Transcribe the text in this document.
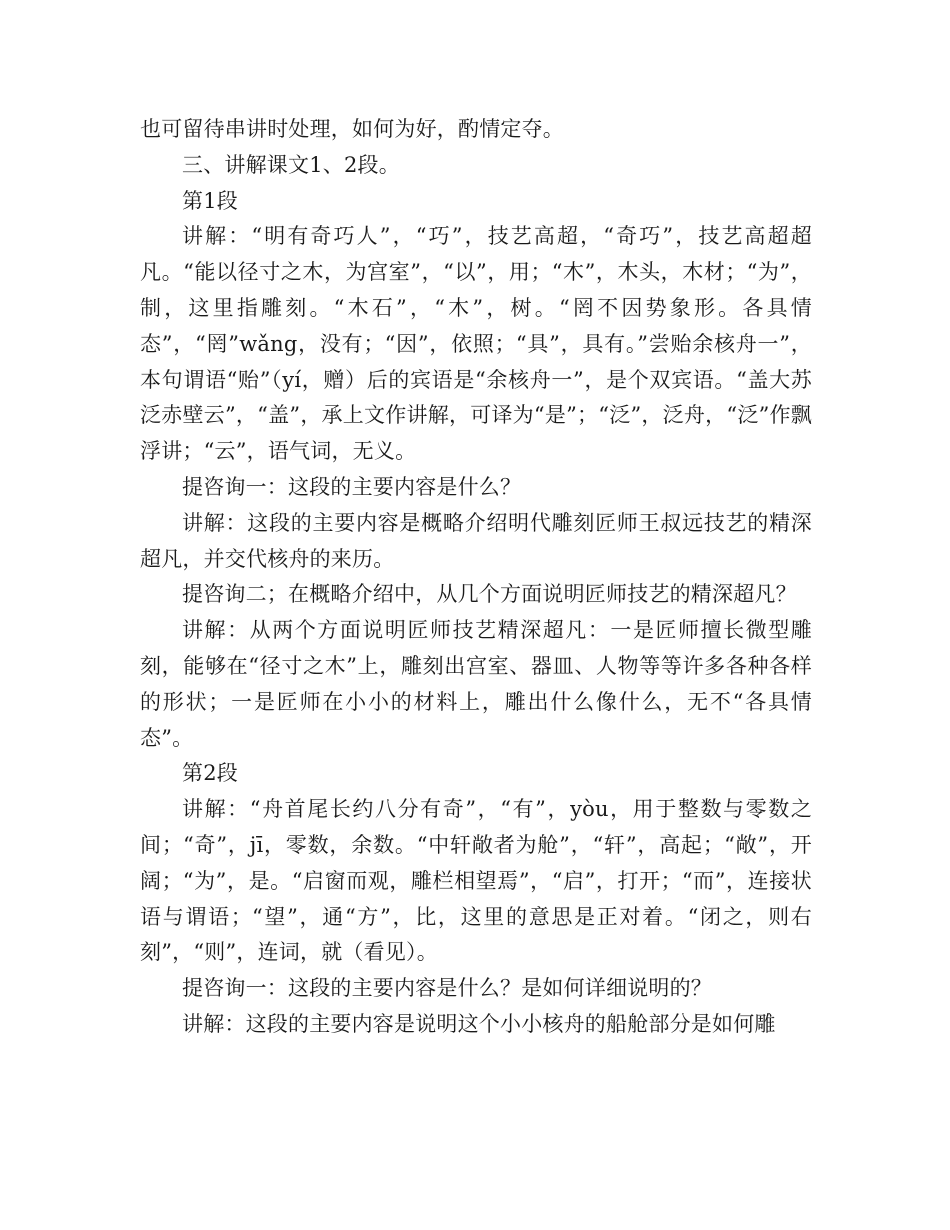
也可留待串讲时处理，如何为好，酌情定夺。

三、讲解课文1、2段。

第1段

讲解：“明有奇巧人”，“巧”，技艺高超，“奇巧”，技艺高超超凡。“能以径寸之木，为宫室”，“以”，用；“木”，木头，木材；“为”，制，这里指雕刻。“木石”，“木”，树。“罔不因势象形。各具情态”，“罔”wǎng，没有；“因”，依照；“具”，具有。”尝贻余核舟一”，本句谓语“贻”（yí，赠）后的宾语是“余核舟一”，是个双宾语。“盖大苏泛赤壁云”，“盖”，承上文作讲解，可译为“是”；“泛”，泛舟，“泛”作飘浮讲；“云”，语气词，无义。

提咨询一：这段的主要内容是什么？

讲解：这段的主要内容是概略介绍明代雕刻匠师王叔远技艺的精深超凡，并交代核舟的来历。

提咨询二；在概略介绍中，从几个方面说明匠师技艺的精深超凡？

讲解：从两个方面说明匠师技艺精深超凡：一是匠师擅长微型雕刻，能够在“径寸之木”上，雕刻出宫室、器皿、人物等等许多各种各样的形状；一是匠师在小小的材料上，雕出什么像什么，无不“各具情态”。

第2段

讲解：“舟首尾长约八分有奇”，“有”，yòu，用于整数与零数之间；“奇”，jī，零数，余数。“中轩敞者为舱”，“轩”，高起；“敞”，开阔；“为”，是。“启窗而观，雕栏相望焉”，“启”，打开；“而”，连接状语与谓语；“望”，通“方”，比，这里的意思是正对着。“闭之，则右刻”，“则”，连词，就（看见）。

提咨询一：这段的主要内容是什么？是如何详细说明的？

讲解：这段的主要内容是说明这个小小核舟的船舱部分是如何雕
